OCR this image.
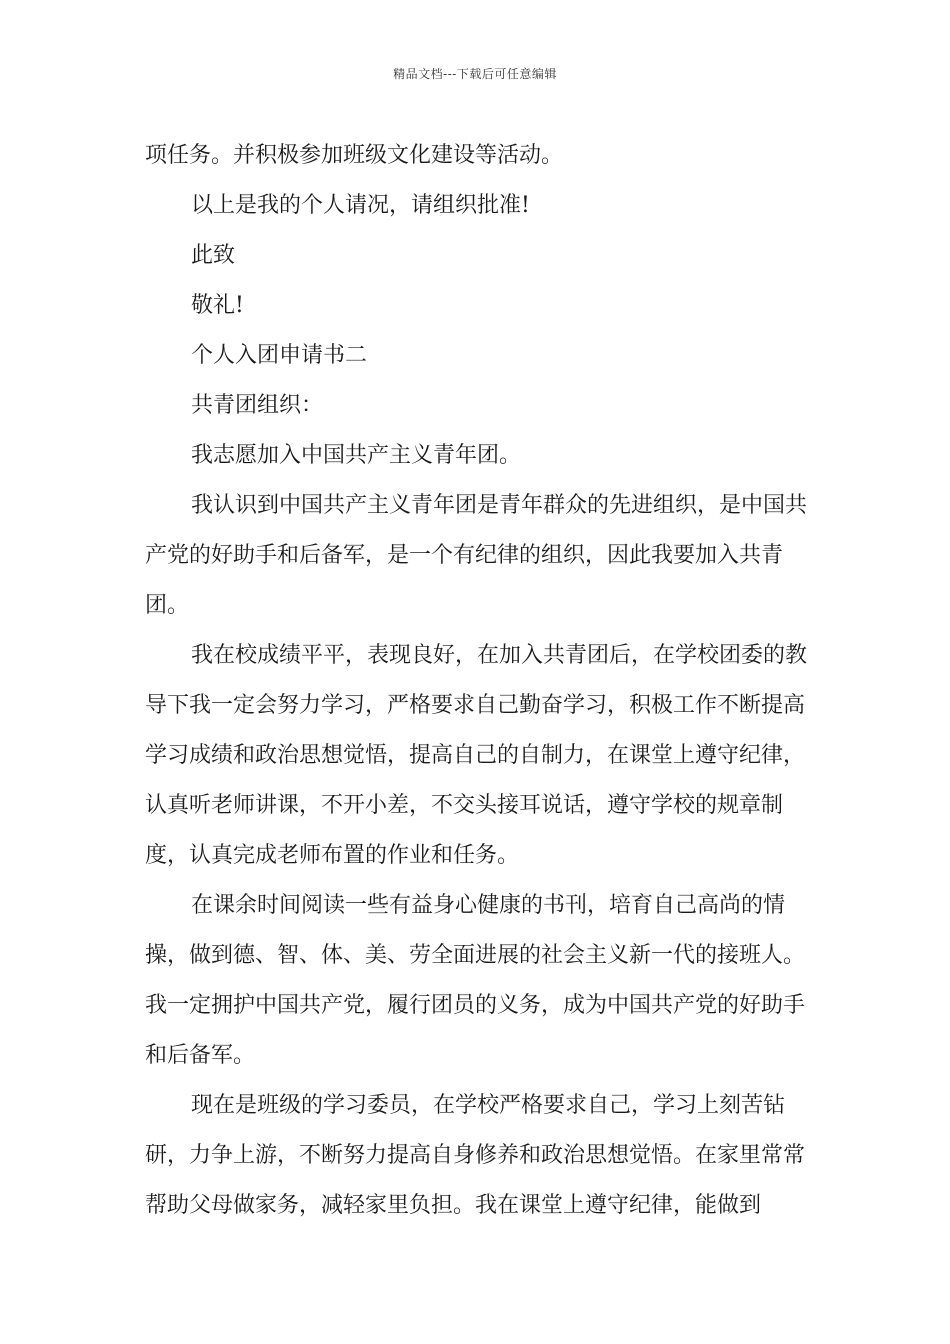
精品文档---下载后可任意编辑

项任务。并积极参加班级文化建设等活动。

以上是我的个人请况，请组织批准!

此致

敬礼!

个人入团申请书二

共青团组织：

我志愿加入中国共产主义青年团。

我认识到中国共产主义青年团是青年群众的先进组织，是中国共产党的好助手和后备军，是一个有纪律的组织，因此我要加入共青团。

我在校成绩平平，表现良好，在加入共青团后，在学校团委的教导下我一定会努力学习，严格要求自己勤奋学习，积极工作不断提高学习成绩和政治思想觉悟，提高自己的自制力，在课堂上遵守纪律，认真听老师讲课，不开小差，不交头接耳说话，遵守学校的规章制度，认真完成老师布置的作业和任务。

在课余时间阅读一些有益身心健康的书刊，培育自己高尚的情操，做到德、智、体、美、劳全面进展的社会主义新一代的接班人。我一定拥护中国共产党，履行团员的义务，成为中国共产党的好助手和后备军。

现在是班级的学习委员，在学校严格要求自己，学习上刻苦钻研，力争上游，不断努力提高自身修养和政治思想觉悟。在家里常常帮助父母做家务，减轻家里负担。我在课堂上遵守纪律，能做到
